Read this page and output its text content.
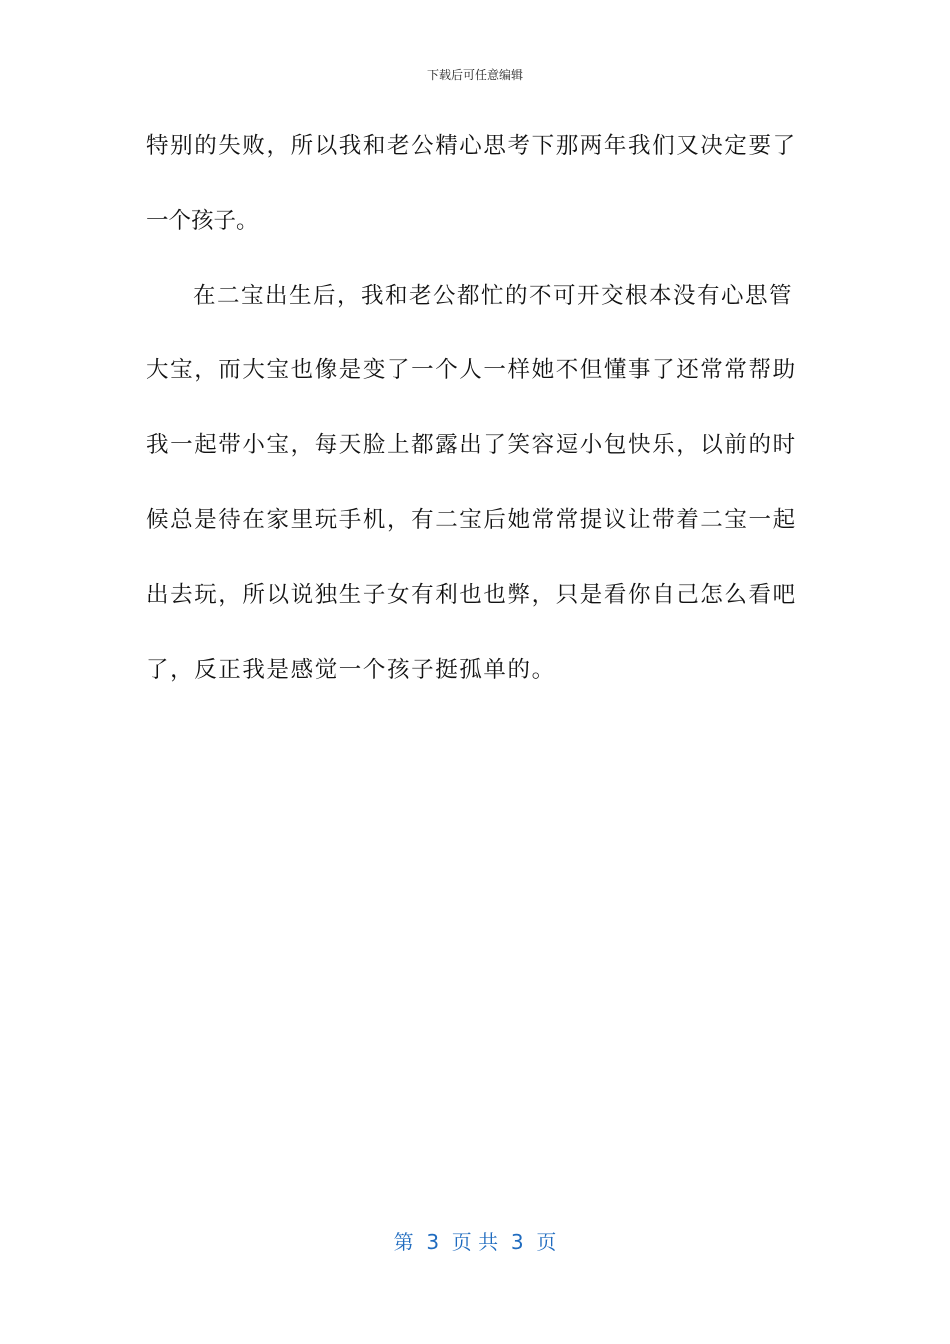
下载后可任意编辑
特别的失败，所以我和老公精心思考下那两年我们又决定要了
一个孩子。
在二宝出生后，我和老公都忙的不可开交根本没有心思管
大宝，而大宝也像是变了一个人一样她不但懂事了还常常帮助
我一起带小宝，每天脸上都露出了笑容逗小包快乐，以前的时
候总是待在家里玩手机，有二宝后她常常提议让带着二宝一起
出去玩，所以说独生子女有利也也弊，只是看你自己怎么看吧
了，反正我是感觉一个孩子挺孤单的。
第  3  页 共  3  页
